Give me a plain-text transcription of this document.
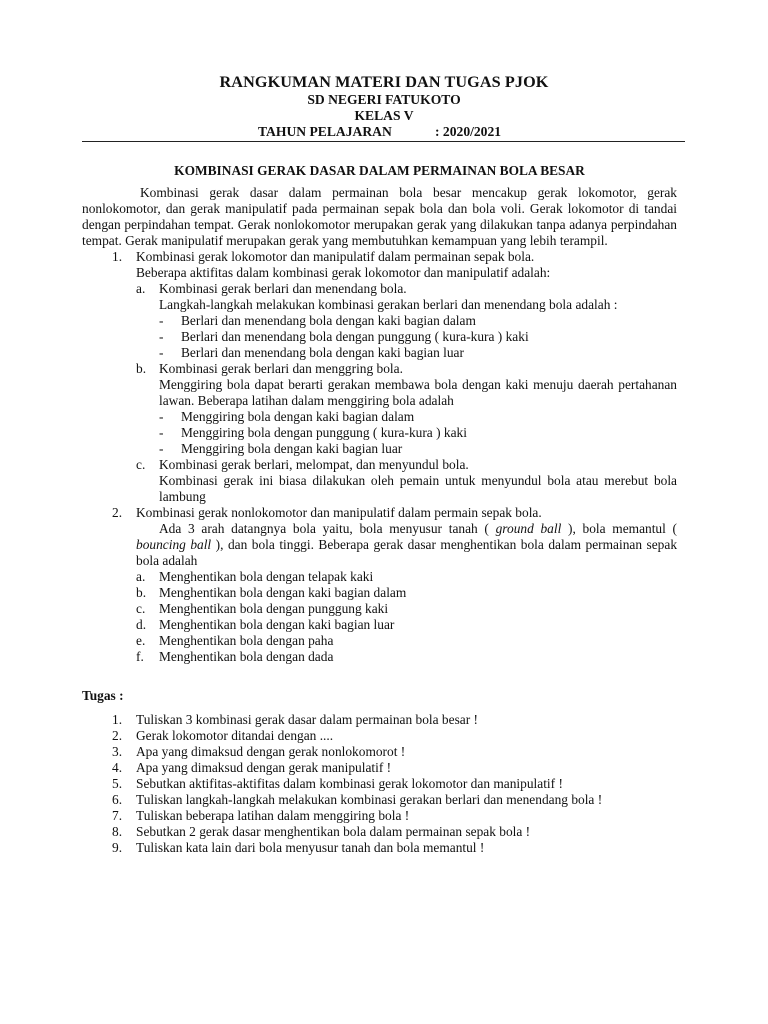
RANGKUMAN MATERI DAN TUGAS PJOK
SD NEGERI FATUKOTO
KELAS V
TAHUN PELAJARAN	: 2020/2021
KOMBINASI GERAK DASAR DALAM PERMAINAN BOLA BESAR

Kombinasi gerak dasar dalam permainan bola besar mencakup gerak lokomotor, gerak nonlokomotor, dan gerak manipulatif pada permainan sepak bola dan bola voli. Gerak lokomotor di tandai dengan perpindahan tempat. Gerak nonlokomotor merupakan gerak yang dilakukan tanpa adanya perpindahan tempat. Gerak manipulatif merupakan gerak yang membutuhkan kemampuan yang lebih terampil.

1. Kombinasi gerak lokomotor dan manipulatif dalam permainan sepak bola.

Beberapa aktifitas dalam kombinasi gerak lokomotor dan manipulatif adalah:

a. Kombinasi gerak berlari dan menendang bola.

Langkah-langkah melakukan kombinasi gerakan berlari dan menendang bola adalah :

- Berlari dan menendang bola dengan kaki bagian dalam

- Berlari dan menendang bola dengan punggung ( kura-kura ) kaki

- Berlari dan menendang bola dengan kaki bagian luar

b. Kombinasi gerak berlari dan menggring bola.

Menggiring bola dapat berarti gerakan membawa bola dengan kaki menuju daerah pertahanan lawan. Beberapa latihan dalam menggiring bola adalah

- Menggiring bola dengan kaki bagian dalam

- Menggiring bola dengan punggung ( kura-kura ) kaki

- Menggiring bola dengan kaki bagian luar

c. Kombinasi gerak berlari, melompat, dan menyundul bola.

Kombinasi gerak ini biasa dilakukan oleh pemain untuk menyundul bola atau merebut bola lambung

2. Kombinasi gerak nonlokomotor dan manipulatif dalam permain sepak bola.

Ada 3 arah datangnya bola yaitu, bola menyusur tanah ( ground ball ), bola memantul ( bouncing ball ), dan bola tinggi. Beberapa gerak dasar menghentikan bola dalam permainan sepak bola adalah

a. Menghentikan bola dengan telapak kaki

b. Menghentikan bola dengan kaki bagian dalam

c. Menghentikan bola dengan punggung kaki

d. Menghentikan bola dengan kaki bagian luar

e. Menghentikan bola dengan paha

f. Menghentikan bola dengan dada

Tugas :
1. Tuliskan 3 kombinasi gerak dasar dalam permainan bola besar !

2. Gerak lokomotor ditandai dengan ....

3. Apa yang dimaksud dengan gerak nonlokomorot !

4. Apa yang dimaksud dengan gerak manipulatif !

5. Sebutkan aktifitas-aktifitas dalam kombinasi gerak lokomotor dan manipulatif !

6. Tuliskan langkah-langkah melakukan kombinasi gerakan berlari dan menendang bola !

7. Tuliskan beberapa latihan dalam menggiring bola !

8. Sebutkan 2 gerak dasar menghentikan bola dalam permainan sepak bola !

9. Tuliskan kata lain dari bola menyusur tanah dan bola memantul !
